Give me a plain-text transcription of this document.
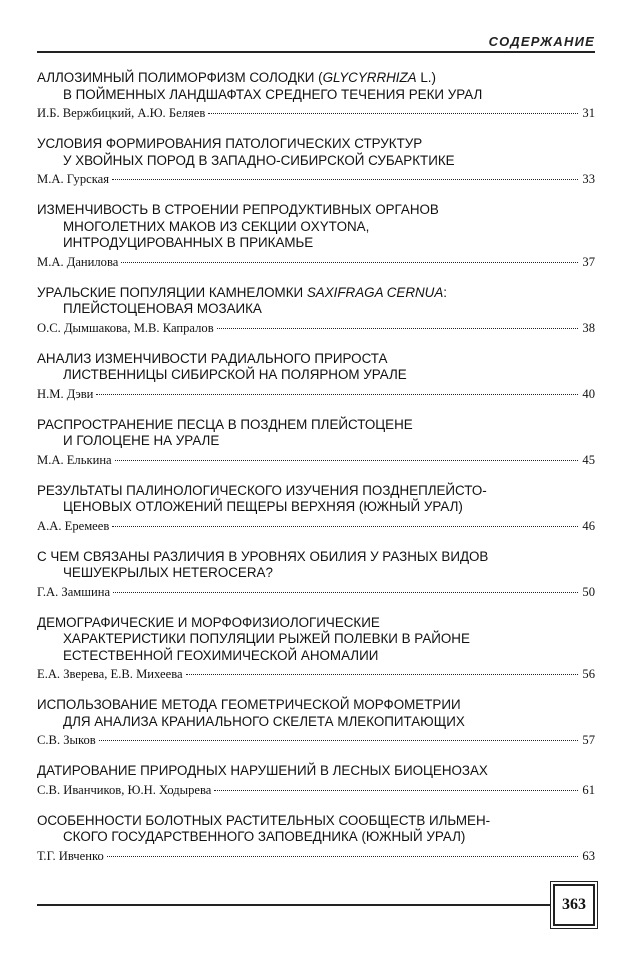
СОДЕРЖАНИЕ
АЛЛОЗИМНЫЙ ПОЛИМОРФИЗМ СОЛОДКИ (GLYCYRRHIZA L.)
В ПОЙМЕННЫХ ЛАНДШАФТАХ СРЕДНЕГО ТЕЧЕНИЯ РЕКИ УРАЛ
И.Б. Вержбицкий, А.Ю. Беляев	31
УСЛОВИЯ ФОРМИРОВАНИЯ ПАТОЛОГИЧЕСКИХ СТРУКТУР
У ХВОЙНЫХ ПОРОД В ЗАПАДНО-СИБИРСКОЙ СУБАРКТИКЕ
М.А. Гурская	33
ИЗМЕНЧИВОСТЬ В СТРОЕНИИ РЕПРОДУКТИВНЫХ ОРГАНОВ
МНОГОЛЕТНИХ МАКОВ ИЗ СЕКЦИИ OXYTONA,
ИНТРОДУЦИРОВАННЫХ В ПРИКАМЬЕ
М.А. Данилова	37
УРАЛЬСКИЕ ПОПУЛЯЦИИ КАМНЕЛОМКИ SAXIFRAGA CERNUA:
ПЛЕЙСТОЦЕНОВАЯ МОЗАИКА
О.С. Дымшакова, М.В. Капралов	38
АНАЛИЗ ИЗМЕНЧИВОСТИ РАДИАЛЬНОГО ПРИРОСТА
ЛИСТВЕННИЦЫ СИБИРСКОЙ НА ПОЛЯРНОМ УРАЛЕ
Н.М. Дэви	40
РАСПРОСТРАНЕНИЕ ПЕСЦА В ПОЗДНЕМ ПЛЕЙСТОЦЕНЕ
И ГОЛОЦЕНЕ НА УРАЛЕ
М.А. Елькина	45
РЕЗУЛЬТАТЫ ПАЛИНОЛОГИЧЕСКОГО ИЗУЧЕНИЯ ПОЗДНЕПЛЕЙСТО-
ЦЕНОВЫХ ОТЛОЖЕНИЙ ПЕЩЕРЫ ВЕРХНЯЯ (ЮЖНЫЙ УРАЛ)
А.А. Еремеев	46
С ЧЕМ СВЯЗАНЫ РАЗЛИЧИЯ В УРОВНЯХ ОБИЛИЯ У РАЗНЫХ ВИДОВ
ЧЕШУЕКРЫЛЫХ HETEROCERA?
Г.А. Замшина	50
ДЕМОГРАФИЧЕСКИЕ И МОРФОФИЗИОЛОГИЧЕСКИЕ
ХАРАКТЕРИСТИКИ ПОПУЛЯЦИИ РЫЖЕЙ ПОЛЕВКИ В РАЙОНЕ
ЕСТЕСТВЕННОЙ ГЕОХИМИЧЕСКОЙ АНОМАЛИИ
Е.А. Зверева, Е.В. Михеева	56
ИСПОЛЬЗОВАНИЕ МЕТОДА ГЕОМЕТРИЧЕСКОЙ МОРФОМЕТРИИ
ДЛЯ АНАЛИЗА КРАНИАЛЬНОГО СКЕЛЕТА МЛЕКОПИТАЮЩИХ
С.В. Зыков	57
ДАТИРОВАНИЕ ПРИРОДНЫХ НАРУШЕНИЙ В ЛЕСНЫХ БИОЦЕНОЗАХ
С.В. Иванчиков, Ю.Н. Ходырева	61
ОСОБЕННОСТИ БОЛОТНЫХ РАСТИТЕЛЬНЫХ СООБЩЕСТВ ИЛЬМЕН-
СКОГО ГОСУДАРСТВЕННОГО ЗАПОВЕДНИКА (ЮЖНЫЙ УРАЛ)
Т.Г. Ивченко	63
363
